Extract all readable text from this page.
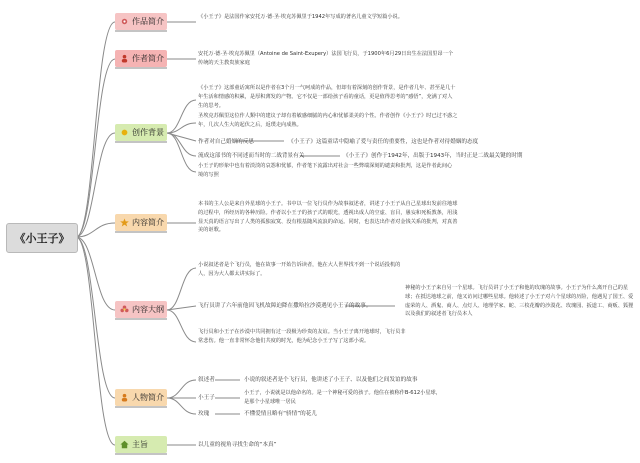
《小王子》
作品简介
作者简介
创作背景
内容简介
内容大纲
人物简介
主旨
《小王子》是法国作家安托万·德·圣·埃克苏佩里于1942年写成的著名儿童文学短篇小说。
安托万·德·圣·埃克苏佩里（Antoine de Saint-Exupery）法国飞行员，于1900年6月29日出生在法国里昂一个传统的天主教贵族家庭
《小王子》这部童话寓所以是作者在3个月一气呵成的作品，但却有着深刻的创作背景，是作者几年、甚至是几十年生活和情感的积累，是厚积薄发的产物。它不仅是一部给孩子看的童话，更是值得思考的“感悟”，充满了对人生的思考。
圣埃克苏佩里这位作人類中的建议子却有着敏感细腻的内心和忧郁柔美的个性。作者创作《小王子》时已过不惑之年，几次人生大的起伏之后，返璞走向成熟。
作者对自己婚姻的反思	《小王子》这篇童话中隐喻了爱与责任的重要性，这也是作者对待婚姻的态度
流成这部书的不同述而当时的二战背景有关	《小王子》创作于1942年，出版于1943年，当时正是二战最关键的时期
小王子的形象中也有着淡淡的哀怨和忧郁，作者笔下流露出对社会一些弊端深刻的谴责和批判，这是作者此间心境的写照
本书的主人公是来自外星球的小王子。书中以一位飞行员作为故事叙述者，讲述了小王子从自己星球出发前往地球的过程中，所经历的各种历险。作者以小王子的孩子式的眼光，透视出成人的空虚、盲目，愚妄和死板教条，用浅显天真的语言写出了人类的孤独寂寞、没有根基随风流浪的命运。同时，也表达出作者对金钱关系的批判，对真善美的讴歌。
小说叙述者是个飞行员，他在故事一开始告诉读者，他在大人世界找不到一个说话投机的人，因为大人都太讲实际了。
飞行员讲了六年前他因飞机故障迫降在撒哈拉沙漠遇见小王子的故事。
神秘的小王子来自另一个星球。飞行员讲了小王子和他的玫瑰的故事。小王子为什么离开自己的星球；在抵达地球之前，他又访问过哪些星球。他转述了小王子对六个星球的历险，他遇见了国王、爱虚荣的人、酒鬼、商人、点灯人、地理学家、蛇、三枚花瓣的沙漠花、玫瑰园、扳道工、商贩、狐狸以及我们的叙述者飞行员本人
飞行员和小王子在沙漠中共同拥有过一段极为珍贵的友谊。当小王子离开地球时，飞行员非常悲伤。他一直非常怀念他们共度的时光，他为纪念小王子写了这部小说。
叙述者	小说的叙述者是个飞行员，他讲述了小王子、以及他们之间发谊的故事
小王子
小王子，小说就是以他命名的。是一个神秘可爱的孩子。他住在被称作B-612小星球，是那个小星球唯一居民
玫瑰	不懂爱情且略有“骄情”的花儿
以儿童的视角寻找生命的“本真”
